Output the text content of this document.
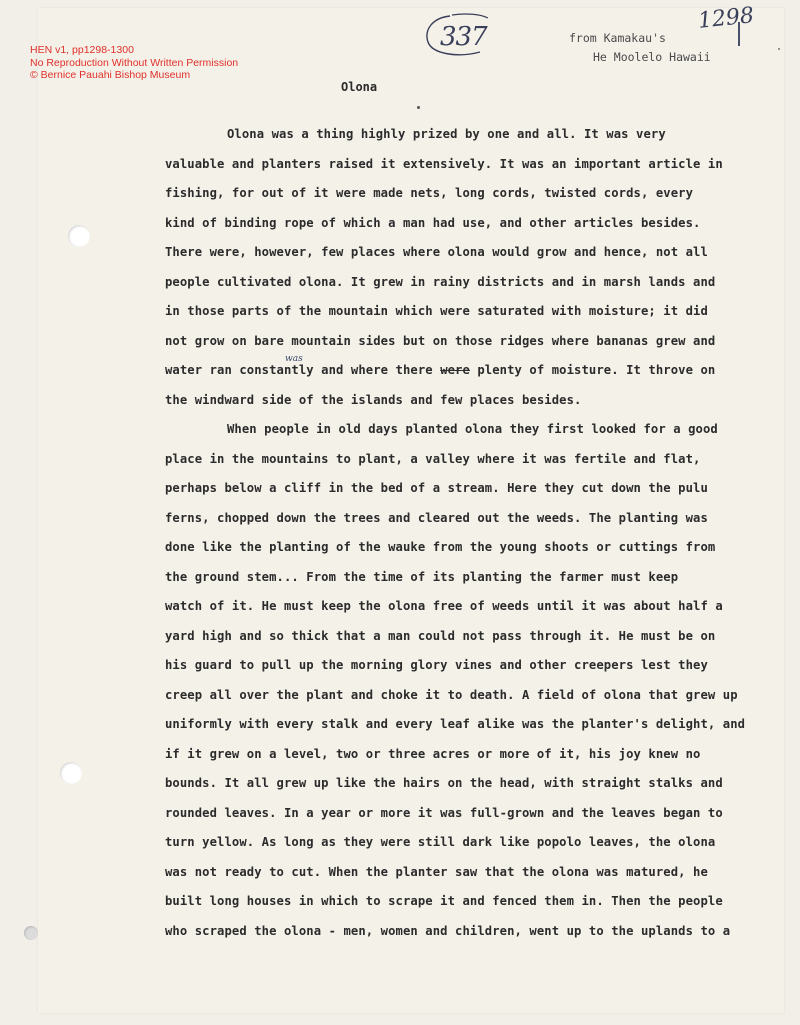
HEN v1, pp1298-1300
No Reproduction Without Written Permission
© Bernice Pauahi Bishop Museum
337
1298
from Kamakau's
He Moolelo Hawaii
Olona
was
Olona was a thing highly prized by one and all. It was very
valuable and planters raised it extensively. It was an important article in
fishing, for out of it were made nets, long cords, twisted cords, every
kind of binding rope of which a man had use, and other articles besides.
There were, however, few places where olona would grow and hence, not all
people cultivated olona. It grew in rainy districts and in marsh lands and
in those parts of the mountain which were saturated with moisture; it did
not grow on bare mountain sides but on those ridges where bananas grew and
water ran constantly and where there were plenty of moisture. It throve on
the windward side of the islands and few places besides.
When people in old days planted olona they first looked for a good
place in the mountains to plant, a valley where it was fertile and flat,
perhaps below a cliff in the bed of a stream. Here they cut down the pulu
ferns, chopped down the trees and cleared out the weeds. The planting was
done like the planting of the wauke from the young shoots or cuttings from
the ground stem... From the time of its planting the farmer must keep
watch of it. He must keep the olona free of weeds until it was about half a
yard high and so thick that a man could not pass through it. He must be on
his guard to pull up the morning glory vines and other creepers lest they
creep all over the plant and choke it to death. A field of olona that grew up
uniformly with every stalk and every leaf alike was the planter's delight, and
if it grew on a level, two or three acres or more of it, his joy knew no
bounds. It all grew up like the hairs on the head, with straight stalks and
rounded leaves. In a year or more it was full-grown and the leaves began to
turn yellow. As long as they were still dark like popolo leaves, the olona
was not ready to cut. When the planter saw that the olona was matured, he
built long houses in which to scrape it and fenced them in. Then the people
who scraped the olona - men, women and children, went up to the uplands to a
